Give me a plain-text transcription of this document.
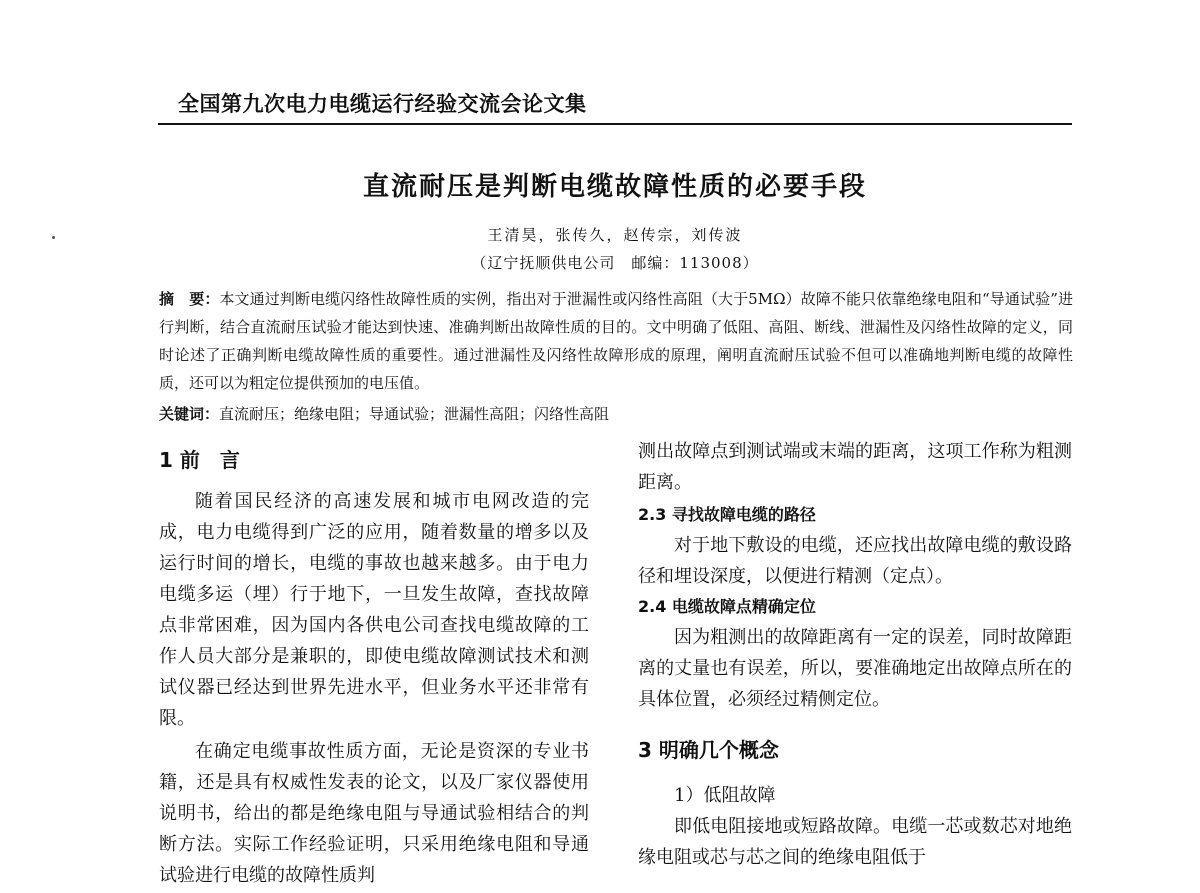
全国第九次电力电缆运行经验交流会论文集
直流耐压是判断电缆故障性质的必要手段
王清昊，张传久，赵传宗，刘传波
（辽宁抚顺供电公司　邮编：113008）
摘　要：本文通过判断电缆闪络性故障性质的实例，指出对于泄漏性或闪络性高阻（大于5MΩ）故障不能只依靠绝缘电阻和“导通试验”进行判断，结合直流耐压试验才能达到快速、准确判断出故障性质的目的。文中明确了低阻、高阻、断线、泄漏性及闪络性故障的定义，同时论述了正确判断电缆故障性质的重要性。通过泄漏性及闪络性故障形成的原理，阐明直流耐压试验不但可以准确地判断电缆的故障性质，还可以为粗定位提供预加的电压值。
关键词：直流耐压；绝缘电阻；导通试验；泄漏性高阻；闪络性高阻
1 前　言

随着国民经济的高速发展和城市电网改造的完成，电力电缆得到广泛的应用，随着数量的增多以及运行时间的增长，电缆的事故也越来越多。由于电力电缆多运（埋）行于地下，一旦发生故障，查找故障点非常困难，因为国内各供电公司查找电缆故障的工作人员大部分是兼职的，即使电缆故障测试技术和测试仪器已经达到世界先进水平，但业务水平还非常有限。

在确定电缆事故性质方面，无论是资深的专业书籍，还是具有权威性发表的论文，以及厂家仪器使用说明书，给出的都是绝缘电阻与导通试验相结合的判断方法。实际工作经验证明，只采用绝缘电阻和导通试验进行电缆的故障性质判

测出故障点到测试端或末端的距离，这项工作称为粗测距离。

2.3 寻找故障电缆的路径

对于地下敷设的电缆，还应找出故障电缆的敷设路径和埋设深度，以便进行精测（定点）。

2.4 电缆故障点精确定位

因为粗测出的故障距离有一定的误差，同时故障距离的丈量也有误差，所以，要准确地定出故障点所在的具体位置，必须经过精侧定位。

3 明确几个概念

1）低阻故障

即低电阻接地或短路故障。电缆一芯或数芯对地绝缘电阻或芯与芯之间的绝缘电阻低于
